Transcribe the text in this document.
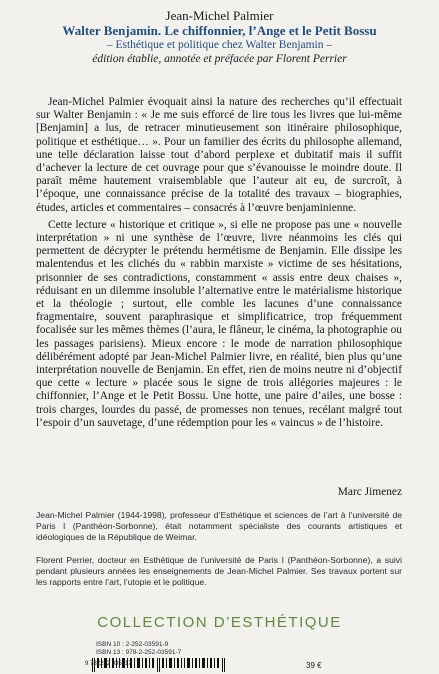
Jean-Michel Palmier
Walter Benjamin. Le chiffonnier, l’Ange et le Petit Bossu
– Esthétique et politique chez Walter Benjamin –
édition établie, annotée et préfacée par Florent Perrier

Jean-Michel Palmier évoquait ainsi la nature des recherches qu’il effectuait sur Walter Benjamin : « Je me suis efforcé de lire tous les livres que lui-même [Benjamin] a lus, de retracer minutieusement son itinéraire philosophique, politique et esthétique… ». Pour un familier des écrits du philosophe allemand, une telle déclaration laisse tout d’abord perplexe et dubitatif mais il suffit d’achever la lecture de cet ouvrage pour que s’évanouisse le moindre doute. Il paraît même hautement vraisemblable que l’auteur ait eu, de surcroît, à l’époque, une connaissance précise de la totalité des travaux – biographies, études, articles et commentaires – consacrés à l’œuvre benjaminienne.

Cette lecture « historique et critique », si elle ne propose pas une « nouvelle interprétation » ni une synthèse de l’œuvre, livre néanmoins les clés qui permettent de décrypter le prétendu hermétisme de Benjamin. Elle dissipe les malentendus et les clichés du « rabbin marxiste » victime de ses hésitations, prisonnier de ses contradictions, constamment « assis entre deux chaises », réduisant en un dilemme insoluble l’alternative entre le matérialisme historique et la théologie ; surtout, elle comble les lacunes d’une connaissance fragmentaire, souvent paraphrasique et simplificatrice, trop fréquemment focalisée sur les mêmes thèmes (l’aura, le flâneur, le cinéma, la photographie ou les passages parisiens). Mieux encore : le mode de narration philosophique délibérément adopté par Jean-Michel Palmier livre, en réalité, bien plus qu’une interprétation nouvelle de Benjamin. En effet, rien de moins neutre ni d’objectif que cette « lecture » placée sous le signe de trois allégories majeures : le chiffonnier, l’Ange et le Petit Bossu. Une hotte, une paire d’ailes, une bosse : trois charges, lourdes du passé, de promesses non tenues, recélant malgré tout l’espoir d’un sauvetage, d’une rédemption pour les « vaincus » de l’histoire.

Marc Jimenez

Jean-Michel Palmier (1944-1998), professeur d’Esthétique et sciences de l’art à l’université de Paris I (Panthéon-Sorbonne), était notamment spécialiste des courants artistiques et idéologiques de la République de Weimar.

Florent Perrier, docteur en Esthétique de l’université de Paris I (Panthéon-Sorbonne), a suivi pendant plusieurs années les enseignements de Jean-Michel Palmier. Ses travaux portent sur les rapports entre l’art, l’utopie et le politique.

COLLECTION D’ESTHÉTIQUE
ISBN 10 : 2-252-03591-9
ISBN 13 : 978-2-252-03591-7
9 782252 035917	39 €
